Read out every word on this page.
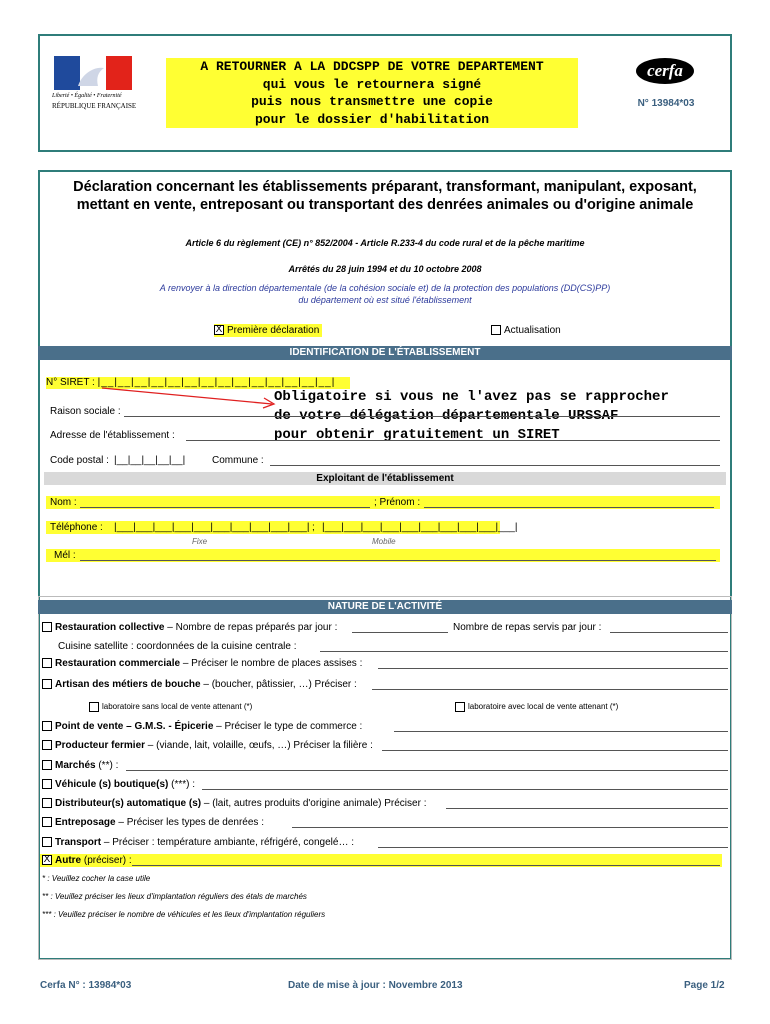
Liberté • Égalité • Fraternité
RÉPUBLIQUE FRANÇAISE
A RETOURNER A LA DDCSPP DE VOTRE DEPARTEMENT
qui vous le retournera signé
puis nous transmettre une copie
pour le dossier d'habilitation
cerfa
N° 13984*03
Déclaration concernant les établissements préparant, transformant, manipulant, exposant, mettant en vente, entreposant ou transportant des denrées animales ou d'origine animale
Article 6 du règlement (CE) n° 852/2004 - Article R.233-4 du code rural et de la pêche maritime
Arrêtés du 28 juin 1994 et du 10 octobre 2008
A renvoyer à la direction départementale (de la cohésion sociale et) de la protection des populations (DD(CS)PP)
du département où est situé l'établissement
X Première déclaration	Actualisation
IDENTIFICATION DE L'ÉTABLISSEMENT
N° SIRET : |__|__|__|__|__|__|__|__|__|__|__|__|__|__|
Obligatoire si vous ne l'avez pas se rapprocher
de votre délégation départementale URSSAF
pour obtenir gratuitement un SIRET
Raison sociale :
Adresse de l'établissement :
Code postal : |__|__|__|__|__|	Commune :
Exploitant de l'établissement
Nom :	; Prénom :
Téléphone : |___|___|___|___|___|___|___|___|___|___| ; |___|___|___|___|___|___|___|___|___|___|
Fixe	Mobile
Mél :
NATURE DE L'ACTIVITÉ
Restauration collective – Nombre de repas préparés par jour :	Nombre de repas servis par jour :
Cuisine satellite : coordonnées de la cuisine centrale :
Restauration commerciale – Préciser le nombre de places assises :
Artisan des métiers de bouche – (boucher, pâtissier, …) Préciser :
laboratoire sans local de vente attenant (*)	laboratoire avec local de vente attenant (*)
Point de vente – G.M.S. - Épicerie – Préciser le type de commerce :
Producteur fermier – (viande, lait, volaille, œufs, …) Préciser la filière :
Marchés (**) :
Véhicule (s) boutique(s) (***) :
Distributeur(s) automatique (s) – (lait, autres produits d'origine animale) Préciser :
Entreposage – Préciser les types de denrées :
Transport – Préciser : température ambiante, réfrigéré, congelé… :
X Autre (préciser) :
* : Veuillez cocher la case utile
** : Veuillez préciser les lieux d'implantation réguliers des étals de marchés
*** : Veuillez préciser le nombre de véhicules et les lieux d'implantation réguliers
Cerfa N° : 13984*03	Date de mise à jour : Novembre 2013	Page 1/2
